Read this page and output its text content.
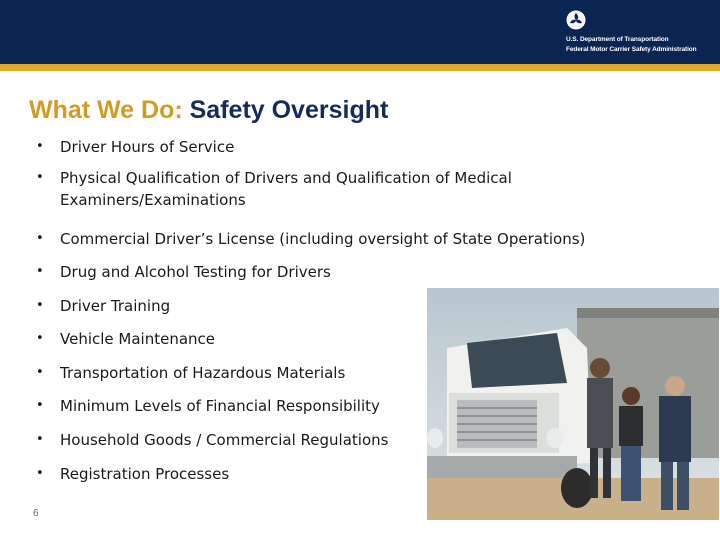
U.S. Department of Transportation
Federal Motor Carrier Safety Administration
What We Do: Safety Oversight
• Driver Hours of Service
• Physical Qualification of Drivers and Qualification of Medical Examiners/Examinations
• Commercial Driver’s License (including oversight of State Operations)
• Drug and Alcohol Testing for Drivers
• Driver Training
• Vehicle Maintenance
• Transportation of Hazardous Materials
• Minimum Levels of Financial Responsibility
• Household Goods / Commercial Regulations
• Registration Processes
6
